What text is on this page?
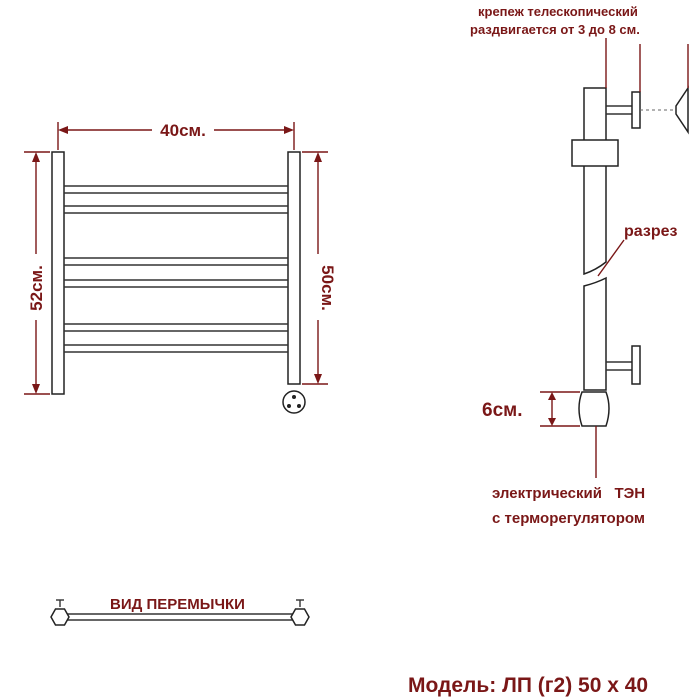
40см.
52см.	50см.
крепеж телескопический
раздвигается от 3 до 8 см.
разрез
6см.
электрический   ТЭН
с терморегулятором
ВИД ПЕРЕМЫЧКИ
Модель: ЛП (г2) 50 х 40
